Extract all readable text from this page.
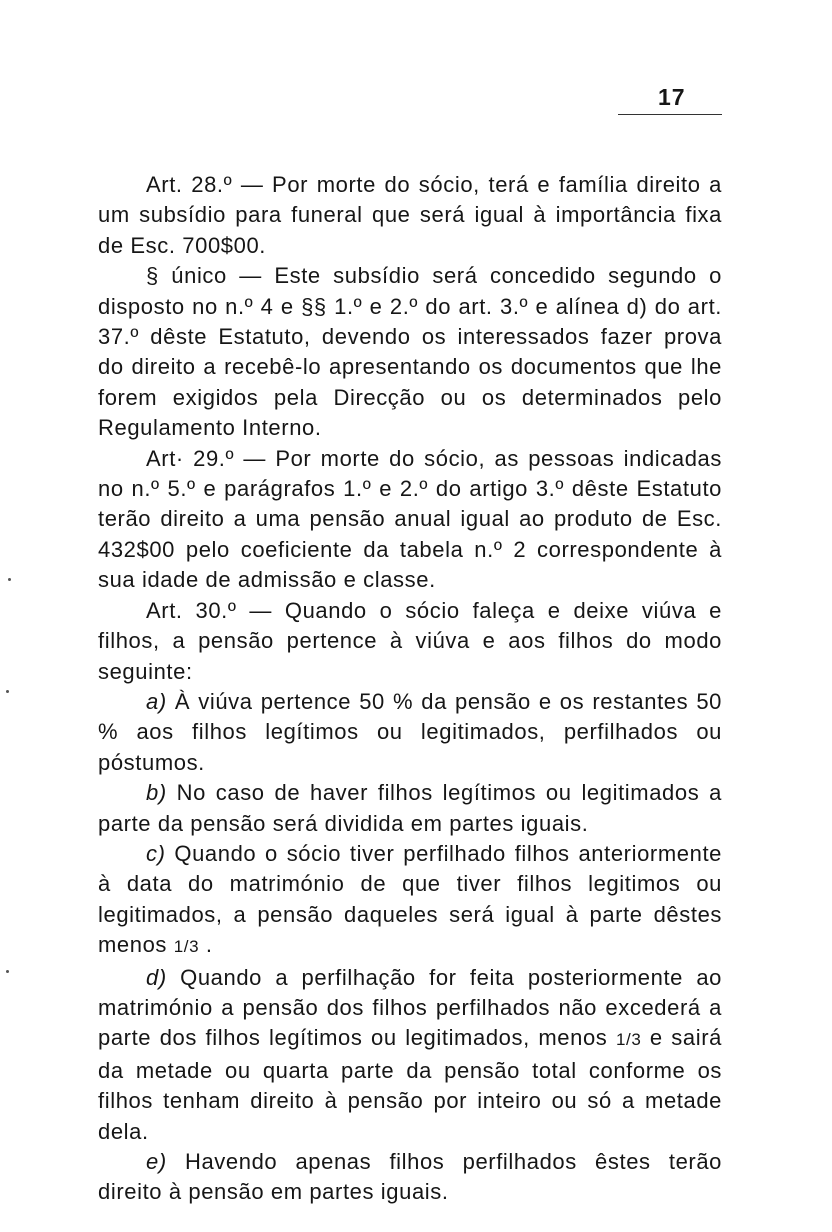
17

Art. 28.º — Por morte do sócio, terá e família direito a um subsídio para funeral que será igual à importância fixa de Esc. 700$00.

§ único — Este subsídio será concedido segundo o disposto no n.º 4 e §§ 1.º e 2.º do art. 3.º e alínea d) do art. 37.º dêste Estatuto, devendo os interessados fazer prova do direito a recebê-lo apresentando os documentos que lhe forem exigidos pela Direcção ou os determinados pelo Regulamento Interno.

Art· 29.º — Por morte do sócio, as pessoas indicadas no n.º 5.º e parágrafos 1.º e 2.º do artigo 3.º dêste Estatuto terão direito a uma pensão anual igual ao produto de Esc. 432$00 pelo coeficiente da tabela n.º 2 correspondente à sua idade de admissão e classe.

Art. 30.º — Quando o sócio faleça e deixe viúva e filhos, a pensão pertence à viúva e aos filhos do modo seguinte:

a) À viúva pertence 50 % da pensão e os restantes 50 % aos filhos legítimos ou legitimados, perfilhados ou póstumos.

b) No caso de haver filhos legítimos ou legitimados a parte da pensão será dividida em partes iguais.

c) Quando o sócio tiver perfilhado filhos anteriormente à data do matrimónio de que tiver filhos legitimos ou legitimados, a pensão daqueles será igual à parte dêstes menos 1/3 .

d) Quando a perfilhação for feita posteriormente ao matrimónio a pensão dos filhos perfilhados não excederá a parte dos filhos legítimos ou legitimados, menos 1/3 e sairá da metade ou quarta parte da pensão total conforme os filhos tenham direito à pensão por inteiro ou só a metade dela.

e) Havendo apenas filhos perfilhados êstes terão direito à pensão em partes iguais.
